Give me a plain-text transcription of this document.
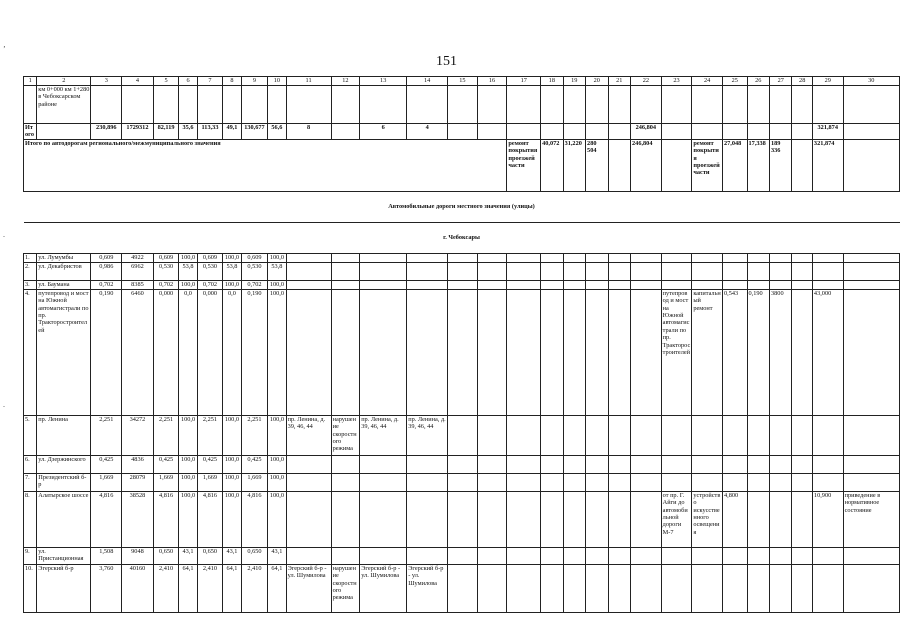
‚
.
.
151
1	2	3	4	5	6	7	8	9	10	11	12	13	14	15	16	17	18	19	20	21	22	23	24	25	26	27	28	29	30
	км 0+000 км 1+280 в Чебоксарском районе																												
Итого		230,896	1729312	82,119	35,6	113,33	49,1	130,677	56,6	8		6	4								246,804							321,874	
Итого по автодорогам регионального/межмуниципального значения																ремонт покрытия проезжей части	40,072	31,220	280 504		246,804		ремонт покрытия проезжей части	27,048	17,338	189 336		321,874	
Автомобильные дороги местного значения (улицы)																													
г. Чебоксары																													
1.	ул. Лумумбы	0,609	4922	0,609	100,0	0,609	100,0	0,609	100,0																				
2.	ул. Декабристов	0,986	6962	0,530	53,8	0,530	53,8	0,530	53,8																				
3.	ул. Баумана	0,702	8385	0,702	100,0	0,702	100,0	0,702	100,0																				
4.	путепровод и мост на Южной автомагистрали по пр. Тракторостроителей	0,190	6460	0,000	0,0	0,000	0,0	0,190	100,0													путепровод и мост на Южной автомагистрали по пр. Тракторостроителей	капитальный ремонт	0,543	0,190	3800		43,000	
5.	пр. Ленина	2,251	34272	2,251	100,0	2,251	100,0	2,251	100,0	пр. Ленина, д. 39, 46, 44	нарушение скоростного режима	пр. Ленина, д. 39, 46, 44	пр. Ленина, д. 39, 46, 44																
6.	ул. Дзержинского	0,425	4836	0,425	100,0	0,425	100,0	0,425	100,0																				
7.	Президентский б-р	1,669	28079	1,669	100,0	1,669	100,0	1,669	100,0																				
8.	Алатырское шоссе	4,816	38528	4,816	100,0	4,816	100,0	4,816	100,0													от пр. Г. Айги до автомобильной дороги М-7	устройство искусственного освещения	4,800				10,900	приведение в нормативное состояние
9.	ул. Пристанционная	1,508	9048	0,650	43,1	0,650	43,1	0,650	43,1																				
10.	Эгерский б-р	3,760	40160	2,410	64,1	2,410	64,1	2,410	64,1	Эгерский б-р - ул. Шумилова	нарушение скоростного режима	Эгерский б-р - ул. Шумилова	Эгерский б-р - ул. Шумилова																
